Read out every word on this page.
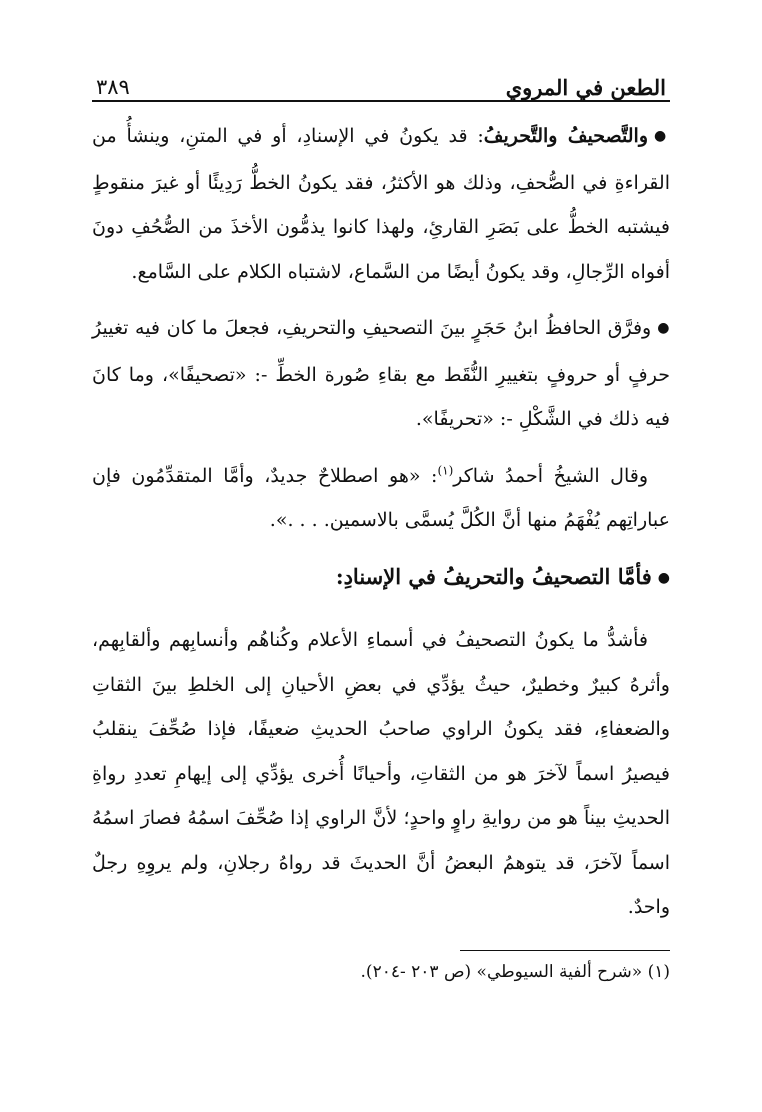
الطعن في المروي
٣٨٩

● والتَّصحيفُ والتَّحريفُ: قد يكونُ في الإسنادِ، أو في المتنِ، وينشأُ من القراءةِ في الصُّحفِ، وذلك هو الأكثرُ، فقد يكونُ الخطُّ رَدِيئًا أو غيرَ منقوطٍ فيشتبه الخطُّ على بَصَرِ القارئِ، ولهذا كانوا يذمُّون الأخذَ من الصُّحُفِ دونَ أفواه الرِّجالِ، وقد يكونُ أيضًا من السَّماع، لاشتباه الكلام على السَّامع.

● وفرَّق الحافظُ ابنُ حَجَرٍ بينَ التصحيفِ والتحريفِ، فجعلَ ما كان فيه تغييرُ حرفٍ أو حروفٍ بتغييرِ النُّقَط مع بقاءِ صُورة الخطِّ -: «تصحيفًا»، وما كانَ فيه ذلك في الشَّكْلِ -: «تحريفًا».

وقال الشيخُ أحمدُ شاكر$^{(١)}$: «هو اصطلاحٌ جديدٌ، وأمَّا المتقدِّمُون فإن عباراتِهم يُفْهَمُ منها أنَّ الكُلَّ يُسمَّى بالاسمين. . . .».

● فأمَّا التصحيفُ والتحريفُ في الإسنادِ:

فأشدُّ ما يكونُ التصحيفُ في أسماءِ الأعلام وكُناهُم وأنسابِهم وألقابِهم، وأثرهُ كبيرٌ وخطيرٌ، حيثُ يؤدِّي في بعضِ الأحيانِ إلى الخلطِ بينَ الثقاتِ والضعفاءِ، فقد يكونُ الراوي صاحبُ الحديثِ ضعيفًا، فإذا صُحِّفَ ينقلبُ فيصيرُ اسماً لآخرَ هو من الثقاتِ، وأحيانًا أُخرى يؤدِّي إلى إيهامِ تعددِ رواةِ الحديثِ بيناً هو من روايةِ راوٍ واحدٍ؛ لأنَّ الراوي إذا صُحِّفَ اسمُهُ فصارَ اسمُهُ اسماً لآخرَ، قد يتوهمُ البعضُ أنَّ الحديثَ قد رواهُ رجلانِ، ولم يروِهِ رجلٌ واحدٌ.

(١) «شرح ألفية السيوطي» (ص ٢٠٣ -٢٠٤).
